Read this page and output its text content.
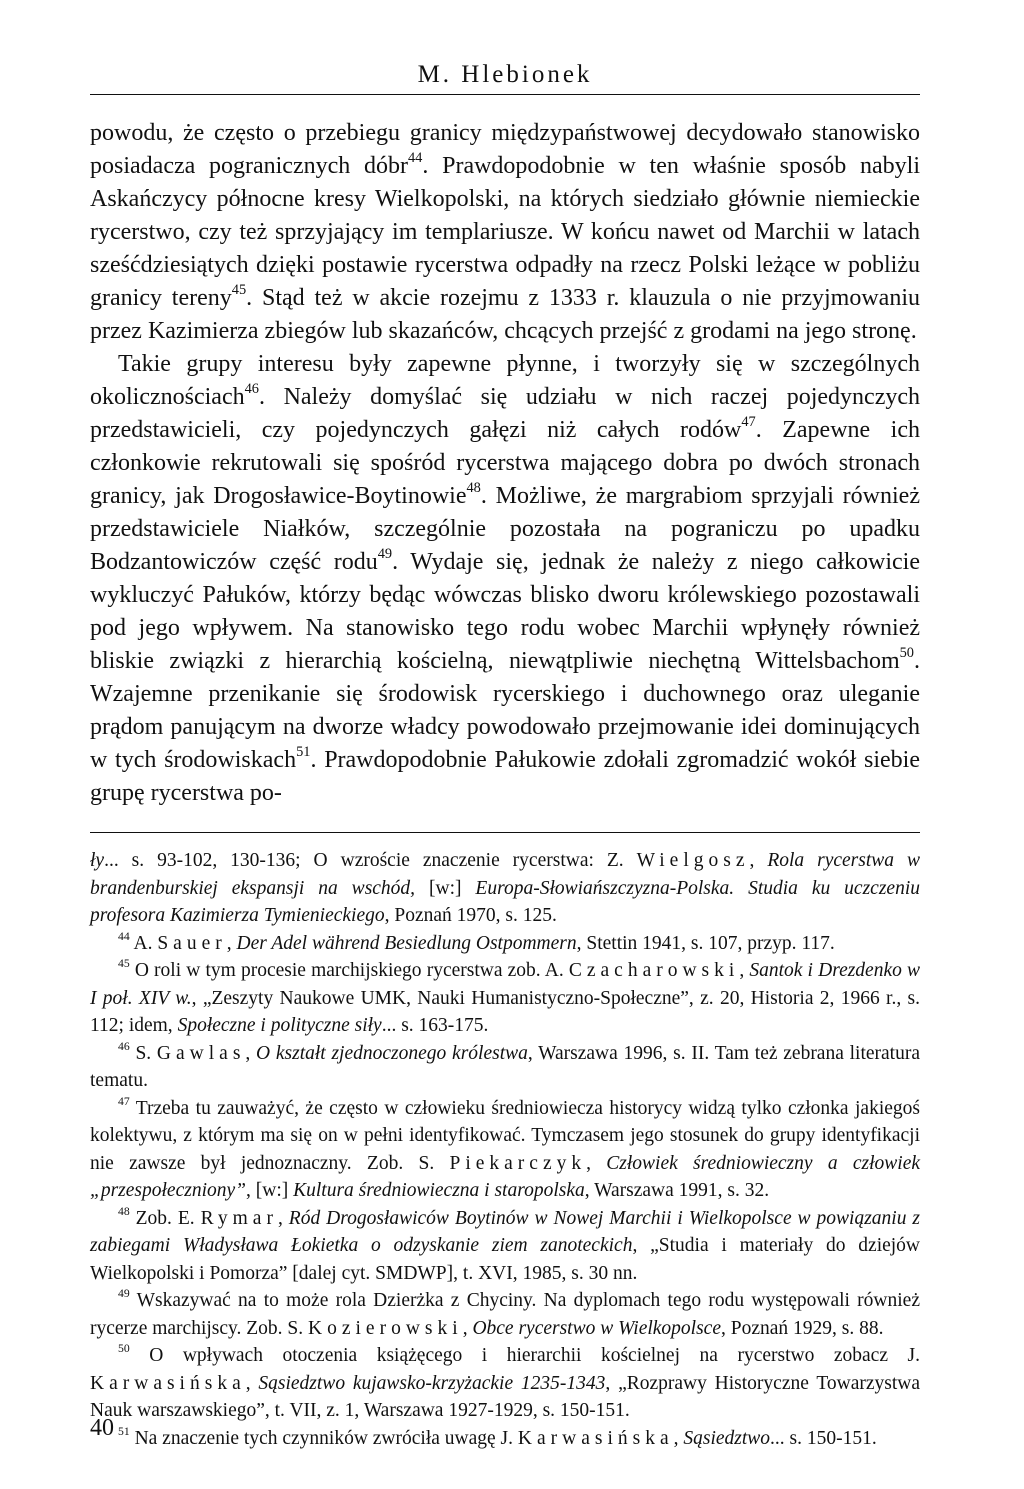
M. Hlebionek

powodu, że często o przebiegu granicy międzypaństwowej decydowało stanowisko posiadacza pogranicznych dóbr$^{44}$. Prawdopodobnie w ten właśnie sposób nabyli Askańczycy północne kresy Wielkopolski, na których siedziało głównie niemieckie rycerstwo, czy też sprzyjający im templariusze. W końcu nawet od Marchii w latach sześćdziesiątych dzięki postawie rycerstwa odpadły na rzecz Polski leżące w pobliżu granicy tereny$^{45}$. Stąd też w akcie rozejmu z 1333 r. klauzula o nie przyjmowaniu przez Kazimierza zbiegów lub skazańców, chcących przejść z grodami na jego stronę.

Takie grupy interesu były zapewne płynne, i tworzyły się w szczególnych okolicznościach$^{46}$. Należy domyślać się udziału w nich raczej pojedynczych przedstawicieli, czy pojedynczych gałęzi niż całych rodów$^{47}$. Zapewne ich członkowie rekrutowali się spośród rycerstwa mającego dobra po dwóch stronach granicy, jak Drogosławice-Boytinowie$^{48}$. Możliwe, że margrabiom sprzyjali również przedstawiciele Niałków, szczególnie pozostała na pograniczu po upadku Bodzantowiczów część rodu$^{49}$. Wydaje się, jednak że należy z niego całkowicie wykluczyć Pałuków, którzy będąc wówczas blisko dworu królewskiego pozostawali pod jego wpływem. Na stanowisko tego rodu wobec Marchii wpłynęły również bliskie związki z hierarchią kościelną, niewątpliwie niechętną Wittelsbachom$^{50}$. Wzajemne przenikanie się środowisk rycerskiego i duchownego oraz uleganie prądom panującym na dworze władcy powodowało przejmowanie idei dominujących w tych środowiskach$^{51}$. Prawdopodobnie Pałukowie zdołali zgromadzić wokół siebie grupę rycerstwa po-

ły... s. 93-102, 130-136; O wzroście znaczenie rycerstwa: Z. Wielgosz, Rola rycerstwa w brandenburskiej ekspansji na wschód, [w:] Europa-Słowiańszczyzna-Polska. Studia ku uczczeniu profesora Kazimierza Tymienieckiego, Poznań 1970, s. 125.

$^{44}$ A. Sauer, Der Adel während Besiedlung Ostpommern, Stettin 1941, s. 107, przyp. 117.

$^{45}$ O roli w tym procesie marchijskiego rycerstwa zob. A. Czacharowski, Santok i Drezdenko w I poł. XIV w., „Zeszyty Naukowe UMK, Nauki Humanistyczno-Społeczne”, z. 20, Historia 2, 1966 r., s. 112; idem, Społeczne i polityczne siły... s. 163-175.

$^{46}$ S. Gawlas, O kształt zjednoczonego królestwa, Warszawa 1996, s. II. Tam też zebrana literatura tematu.

$^{47}$ Trzeba tu zauważyć, że często w człowieku średniowiecza historycy widzą tylko członka jakiegoś kolektywu, z którym ma się on w pełni identyfikować. Tymczasem jego stosunek do grupy identyfikacji nie zawsze był jednoznaczny. Zob. S. Piekarczyk, Człowiek średniowieczny a człowiek „przespołeczniony”, [w:] Kultura średniowieczna i staropolska, Warszawa 1991, s. 32.

$^{48}$ Zob. E. Rymar, Ród Drogosławiców Boytinów w Nowej Marchii i Wielkopolsce w powiązaniu z zabiegami Władysława Łokietka o odzyskanie ziem zanoteckich, „Studia i materiały do dziejów Wielkopolski i Pomorza” [dalej cyt. SMDWP], t. XVI, 1985, s. 30 nn.

$^{49}$ Wskazywać na to może rola Dzierżka z Chyciny. Na dyplomach tego rodu występowali również rycerze marchijscy. Zob. S. Kozierowski, Obce rycerstwo w Wielkopolsce, Poznań 1929, s. 88.

$^{50}$ O wpływach otoczenia książęcego i hierarchii kościelnej na rycerstwo zobacz J. Karwasińska, Sąsiedztwo kujawsko-krzyżackie 1235-1343, „Rozprawy Historyczne Towarzystwa Nauk warszawskiego”, t. VII, z. 1, Warszawa 1927-1929, s. 150-151.

$^{51}$ Na znaczenie tych czynników zwróciła uwagę J. Karwasińska, Sąsiedztwo... s. 150-151.

40
